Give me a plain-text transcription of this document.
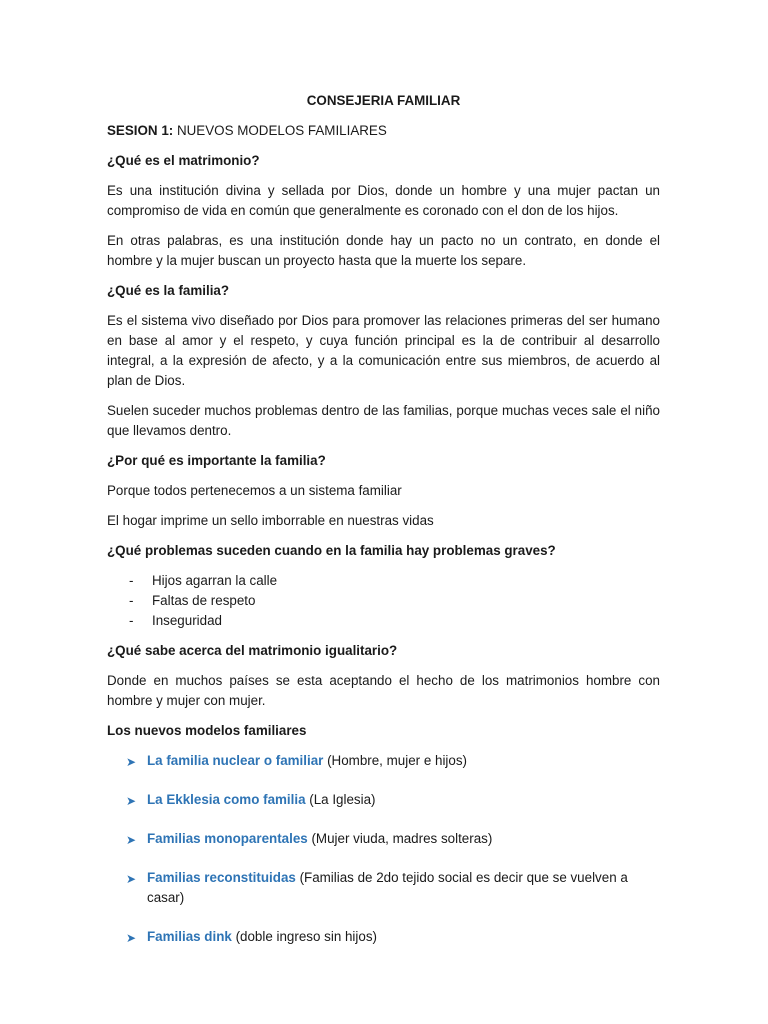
CONSEJERIA FAMILIAR

SESION 1: NUEVOS MODELOS FAMILIARES

¿Qué es el matrimonio?

Es una institución divina y sellada por Dios, donde un hombre y una mujer pactan un compromiso de vida en común que generalmente es coronado con el don de los hijos.

En otras palabras, es una institución donde hay un pacto no un contrato, en donde el hombre y la mujer buscan un proyecto hasta que la muerte los separe.

¿Qué es la familia?

Es el sistema vivo diseñado por Dios para promover las relaciones primeras del ser humano en base al amor y el respeto, y cuya función principal es la de contribuir al desarrollo integral, a la expresión de afecto, y a la comunicación entre sus miembros, de acuerdo al plan de Dios.

Suelen suceder muchos problemas dentro de las familias, porque muchas veces sale el niño que llevamos dentro.

¿Por qué es importante la familia?

Porque todos pertenecemos a un sistema familiar

El hogar imprime un sello imborrable en nuestras vidas

¿Qué problemas suceden cuando en la familia hay problemas graves?

- Hijos agarran la calle
- Faltas de respeto
- Inseguridad

¿Qué sabe acerca del matrimonio igualitario?

Donde en muchos países se esta aceptando el hecho de los matrimonios hombre con hombre y mujer con mujer.

Los nuevos modelos familiares

➤ La familia nuclear o familiar (Hombre, mujer e hijos)
➤ La Ekklesia como familia (La Iglesia)
➤ Familias monoparentales (Mujer viuda, madres solteras)
➤ Familias reconstituidas (Familias de 2do tejido social es decir que se vuelven a casar)
➤ Familias dink (doble ingreso sin hijos)
